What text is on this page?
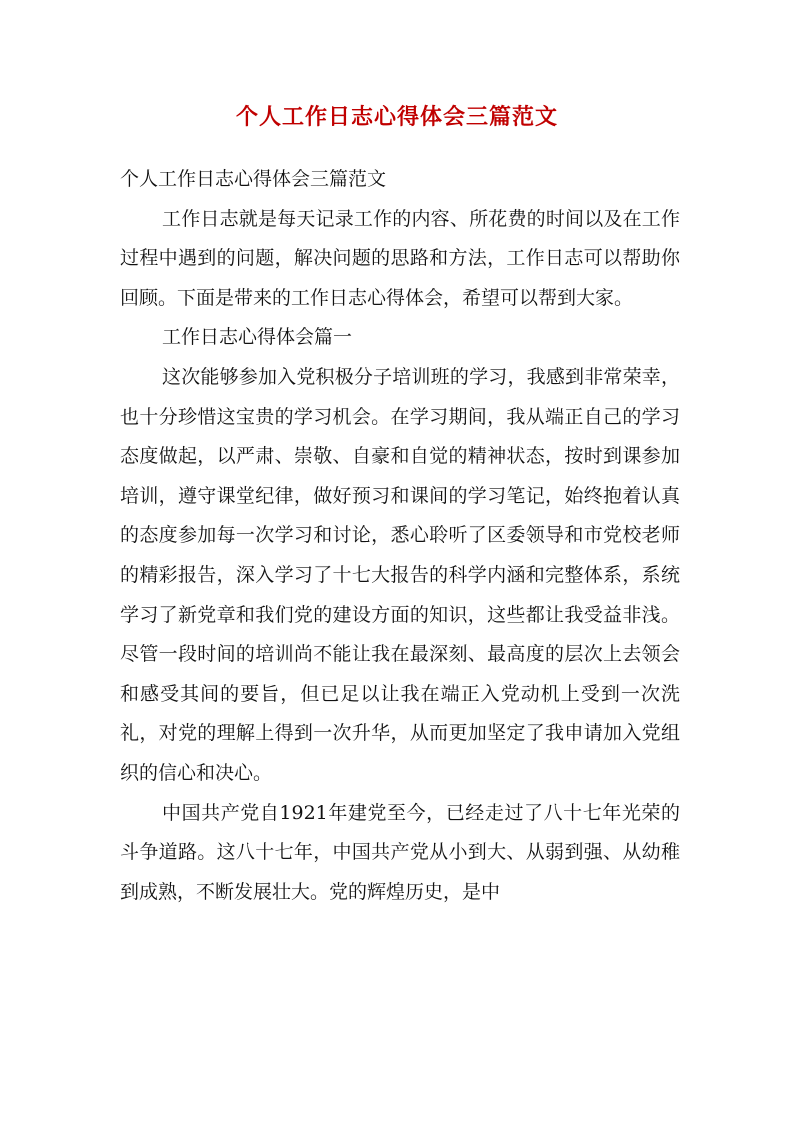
个人工作日志心得体会三篇范文

个人工作日志心得体会三篇范文

工作日志就是每天记录工作的内容、所花费的时间以及在工作过程中遇到的问题，解决问题的思路和方法，工作日志可以帮助你回顾。下面是带来的工作日志心得体会，希望可以帮到大家。

工作日志心得体会篇一

这次能够参加入党积极分子培训班的学习，我感到非常荣幸，也十分珍惜这宝贵的学习机会。在学习期间，我从端正自己的学习态度做起，以严肃、崇敬、自豪和自觉的精神状态，按时到课参加培训，遵守课堂纪律，做好预习和课间的学习笔记，始终抱着认真的态度参加每一次学习和讨论，悉心聆听了区委领导和市党校老师的精彩报告，深入学习了十七大报告的科学内涵和完整体系，系统学习了新党章和我们党的建设方面的知识，这些都让我受益非浅。尽管一段时间的培训尚不能让我在最深刻、最高度的层次上去领会和感受其间的要旨，但已足以让我在端正入党动机上受到一次洗礼，对党的理解上得到一次升华，从而更加坚定了我申请加入党组织的信心和决心。

中国共产党自1921年建党至今，已经走过了八十七年光荣的斗争道路。这八十七年，中国共产党从小到大、从弱到强、从幼稚到成熟，不断发展壮大。党的辉煌历史，是中
